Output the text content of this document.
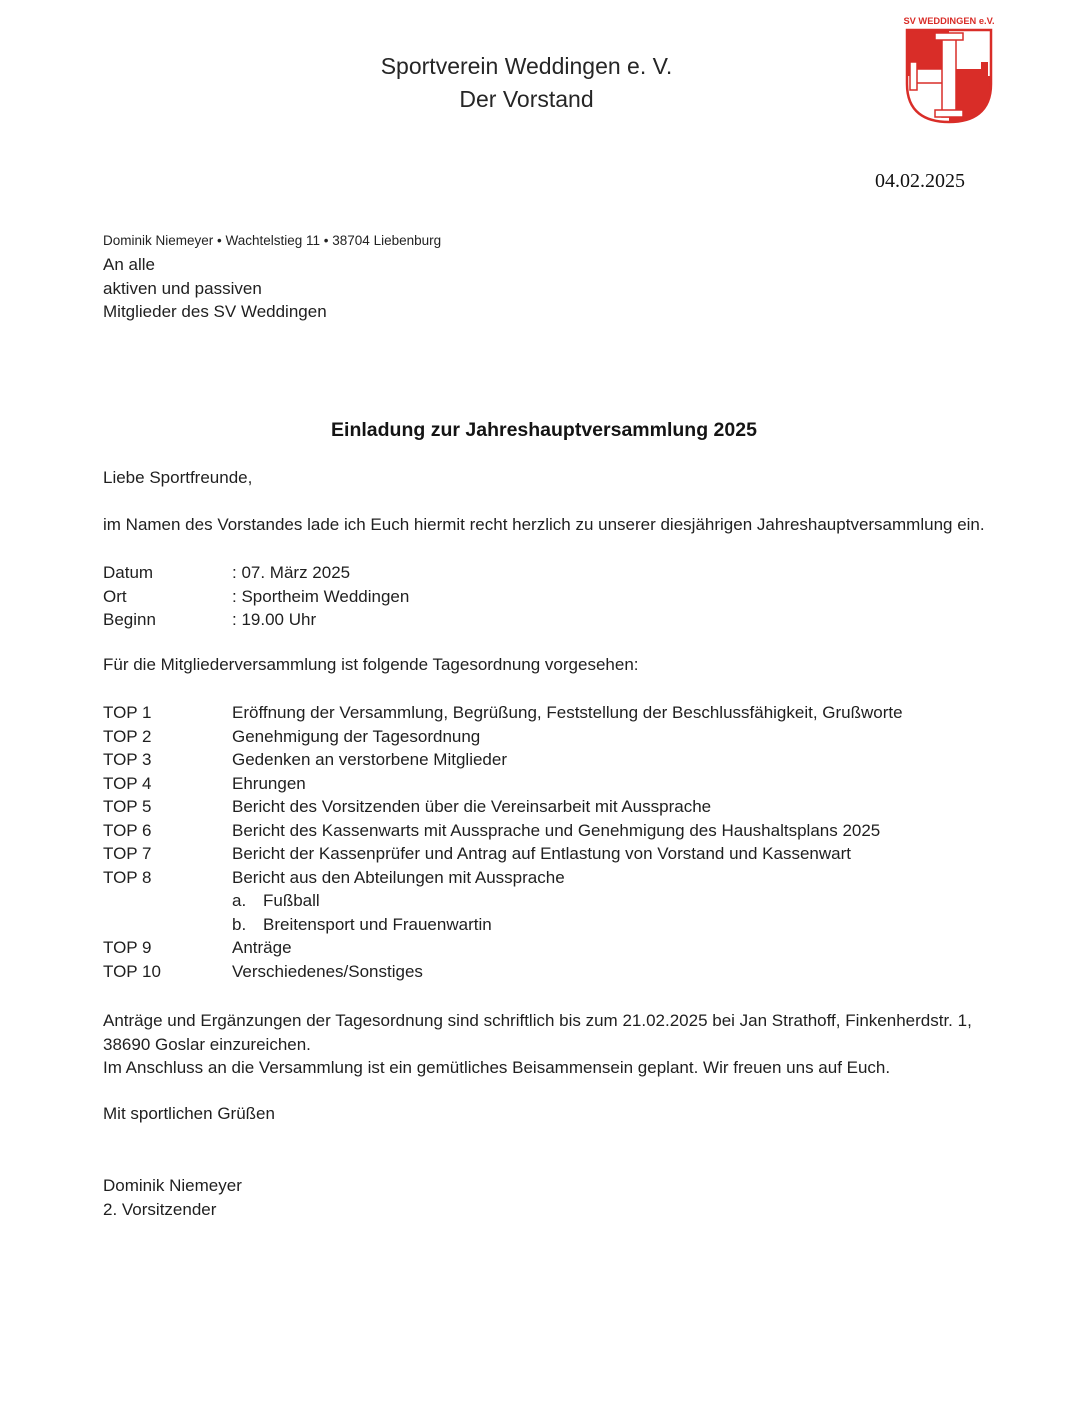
Sportverein Weddingen e. V.
Der Vorstand
SV WEDDINGEN e.V.
04.02.2025
Dominik Niemeyer • Wachtelstieg 11 • 38704 Liebenburg
An alle
aktiven und passiven
Mitglieder des SV Weddingen
Einladung zur Jahreshauptversammlung 2025
Liebe Sportfreunde,
im Namen des Vorstandes lade ich Euch hiermit recht herzlich zu unserer diesjährigen Jahreshauptversammlung ein.
Datum	: 07. März 2025
Ort	: Sportheim Weddingen
Beginn	: 19.00 Uhr
Für die Mitgliederversammlung ist folgende Tagesordnung vorgesehen:
TOP 1	Eröffnung der Versammlung, Begrüßung, Feststellung der Beschlussfähigkeit, Grußworte
TOP 2	Genehmigung der Tagesordnung
TOP 3	Gedenken an verstorbene Mitglieder
TOP 4	Ehrungen
TOP 5	Bericht des Vorsitzenden über die Vereinsarbeit mit Aussprache
TOP 6	Bericht des Kassenwarts mit Aussprache und Genehmigung des Haushaltsplans 2025
TOP 7	Bericht der Kassenprüfer und Antrag auf Entlastung von Vorstand und Kassenwart
TOP 8	Bericht aus den Abteilungen mit Aussprache
a. Fußball
b. Breitensport und Frauenwartin
TOP 9	Anträge
TOP 10	Verschiedenes/Sonstiges
Anträge und Ergänzungen der Tagesordnung sind schriftlich bis zum 21.02.2025 bei Jan Strathoff, Finkenherdstr. 1,
38690 Goslar einzureichen.
Im Anschluss an die Versammlung ist ein gemütliches Beisammensein geplant. Wir freuen uns auf Euch.
Mit sportlichen Grüßen
Dominik Niemeyer
2. Vorsitzender
